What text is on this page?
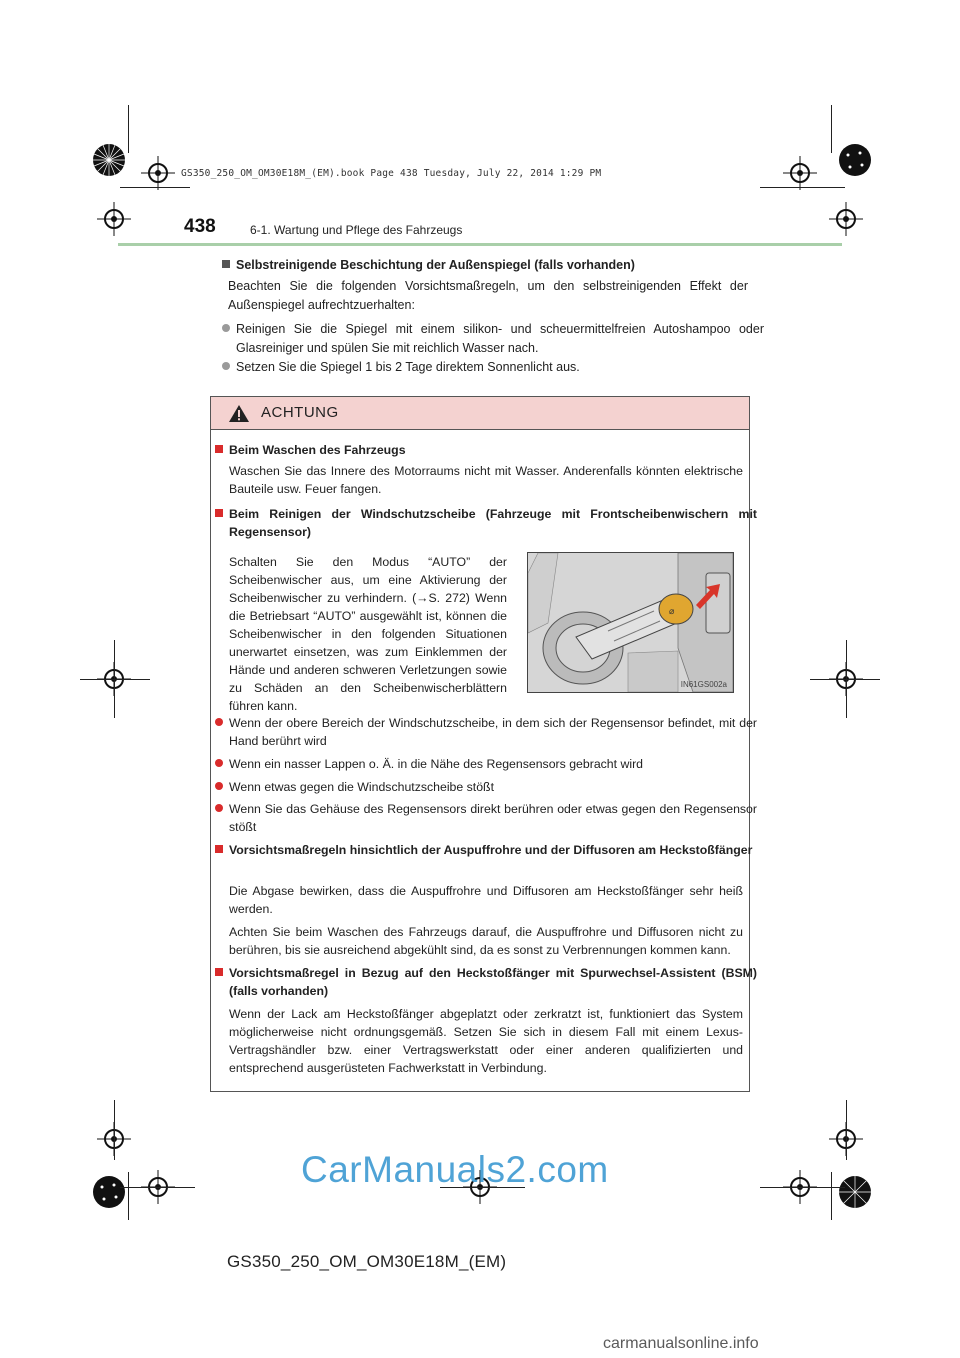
GS350_250_OM_OM30E18M_(EM).book Page 438 Tuesday, July 22, 2014 1:29 PM
438	6-1. Wartung und Pflege des Fahrzeugs
Selbstreinigende Beschichtung der Außenspiegel (falls vorhanden)
Beachten Sie die folgenden Vorsichtsmaßregeln, um den selbstreinigenden Effekt der Außenspiegel aufrechtzuerhalten:
Reinigen Sie die Spiegel mit einem silikon- und scheuermittelfreien Autoshampoo oder Glasreiniger und spülen Sie mit reichlich Wasser nach.
Setzen Sie die Spiegel 1 bis 2 Tage direktem Sonnenlicht aus.
ACHTUNG
Beim Waschen des Fahrzeugs
Waschen Sie das Innere des Motorraums nicht mit Wasser. Anderenfalls könnten elektrische Bauteile usw. Feuer fangen.
Beim Reinigen der Windschutzscheibe (Fahrzeuge mit Frontscheibenwischern mit Regensensor)
Schalten Sie den Modus “AUTO” der Scheibenwischer aus, um eine Aktivierung der Scheibenwischer zu verhindern. (→S. 272) Wenn die Betriebsart “AUTO” ausgewählt ist, können die Scheibenwischer in den folgenden Situationen unerwartet einsetzen, was zum Einklemmen der Hände und anderen schweren Verletzungen sowie zu Schäden an den Scheibenwischerblättern führen kann.
⌀
IN61GS002a
Wenn der obere Bereich der Windschutzscheibe, in dem sich der Regensensor befindet, mit der Hand berührt wird
Wenn ein nasser Lappen o. Ä. in die Nähe des Regensensors gebracht wird
Wenn etwas gegen die Windschutzscheibe stößt
Wenn Sie das Gehäuse des Regensensors direkt berühren oder etwas gegen den Regensensor stößt
Vorsichtsmaßregeln hinsichtlich der Auspuffrohre und der Diffusoren am Heckstoßfänger
Die Abgase bewirken, dass die Auspuffrohre und Diffusoren am Heckstoßfänger sehr heiß werden.
Achten Sie beim Waschen des Fahrzeugs darauf, die Auspuffrohre und Diffusoren nicht zu berühren, bis sie ausreichend abgekühlt sind, da es sonst zu Verbrennungen kommen kann.
Vorsichtsmaßregel in Bezug auf den Heckstoßfänger mit Spurwechsel-Assistent (BSM) (falls vorhanden)
Wenn der Lack am Heckstoßfänger abgeplatzt oder zerkratzt ist, funktioniert das System möglicherweise nicht ordnungsgemäß. Setzen Sie sich in diesem Fall mit einem Lexus-Vertragshändler bzw. einer Vertragswerkstatt oder einer anderen qualifizierten und entsprechend ausgerüsteten Fachwerkstatt in Verbindung.
CarManuals2.com
GS350_250_OM_OM30E18M_(EM)
carmanualsonline.info
